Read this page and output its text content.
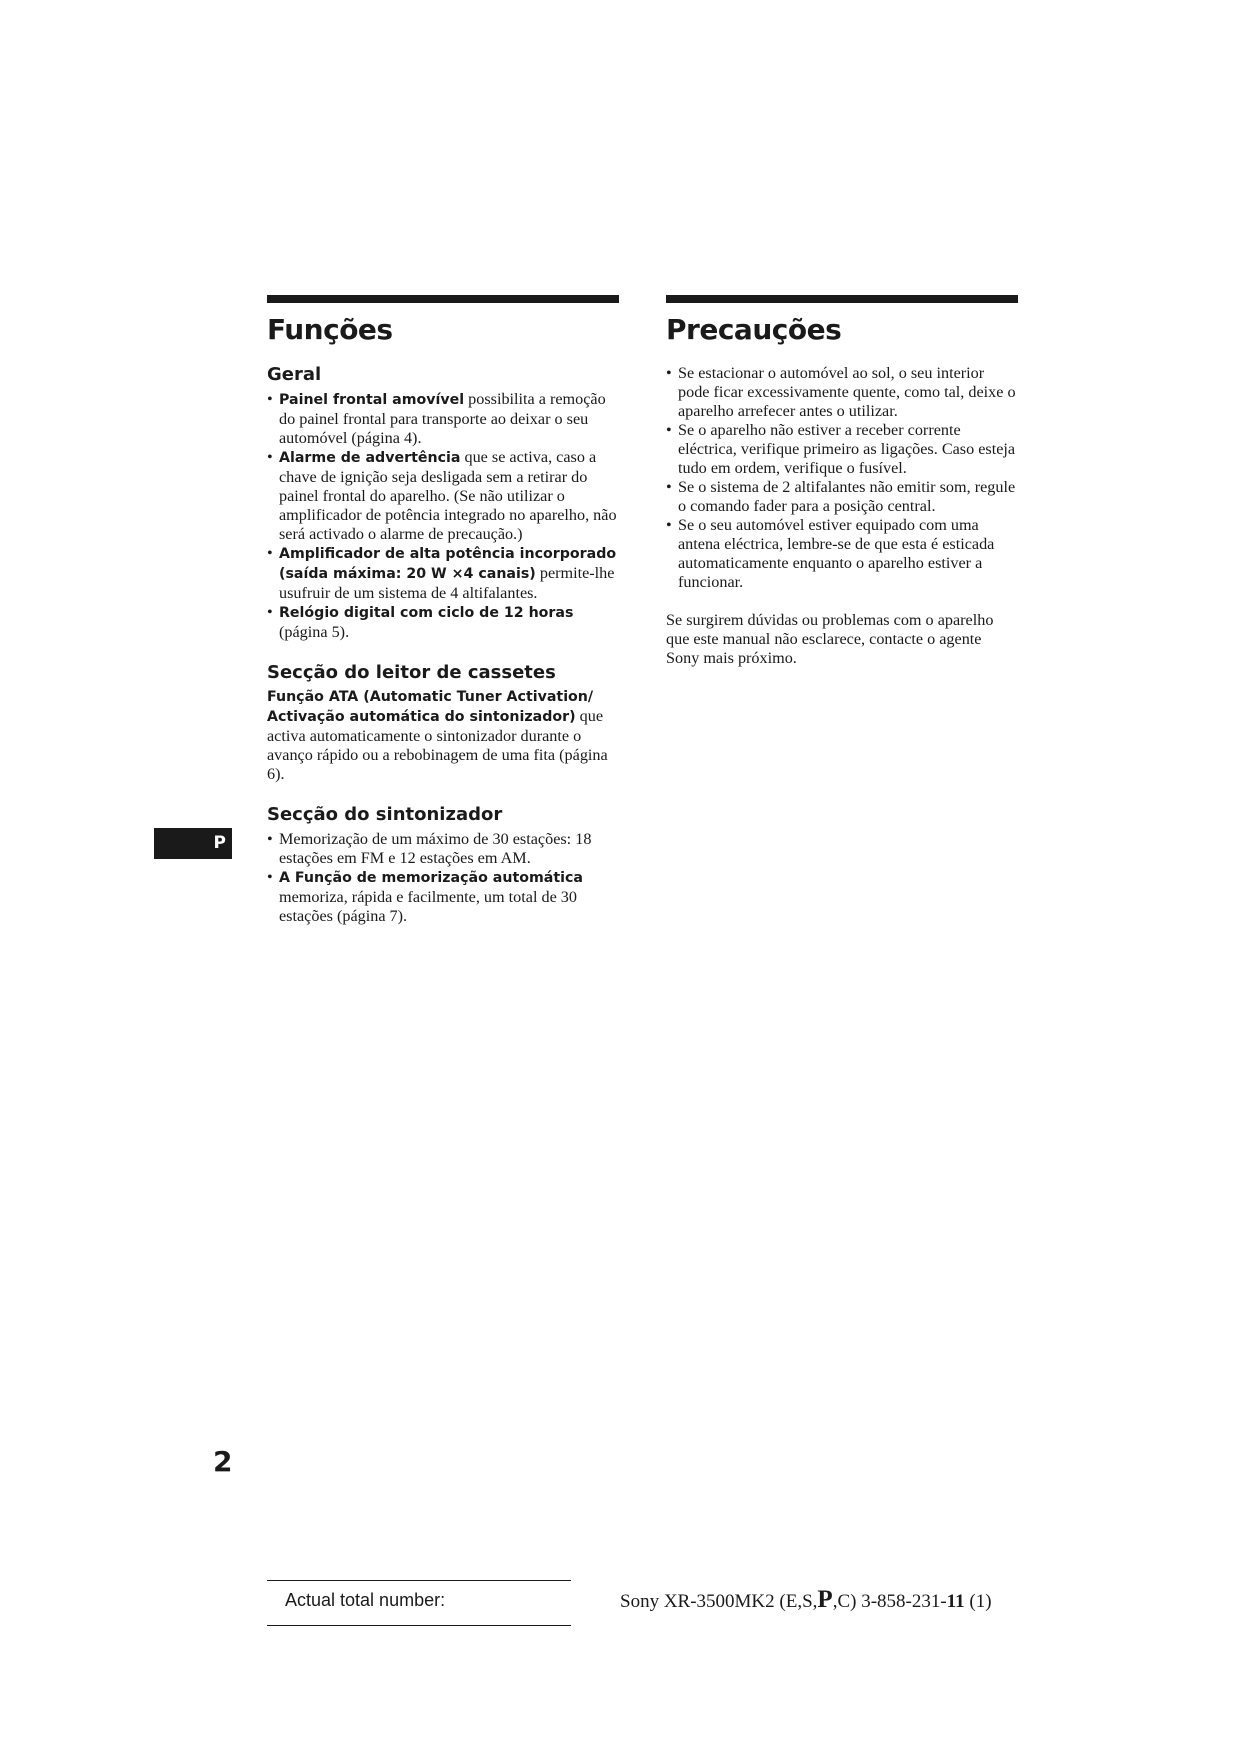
Funções
Geral
• Painel frontal amovível possibilita a remoção do painel frontal para transporte ao deixar o seu automóvel (página 4).
• Alarme de advertência que se activa, caso a chave de ignição seja desligada sem a retirar do painel frontal do aparelho. (Se não utilizar o amplificador de potência integrado no aparelho, não será activado o alarme de precaução.)
• Amplificador de alta potência incorporado (saída máxima: 20 W ×4 canais) permite-lhe usufruir de um sistema de 4 altifalantes.
• Relógio digital com ciclo de 12 horas (página 5).
Secção do leitor de cassetes

Função ATA (Automatic Tuner Activation/ Activação automática do sintonizador) que activa automaticamente o sintonizador durante o avanço rápido ou a rebobinagem de uma fita (página 6).

Secção do sintonizador
• Memorização de um máximo de 30 estações: 18 estações em FM e 12 estações em AM.
• A Função de memorização automática memoriza, rápida e facilmente, um total de 30 estações (página 7).
Precauções
• Se estacionar o automóvel ao sol, o seu interior pode ficar excessivamente quente, como tal, deixe o aparelho arrefecer antes o utilizar.
• Se o aparelho não estiver a receber corrente eléctrica, verifique primeiro as ligações. Caso esteja tudo em ordem, verifique o fusível.
• Se o sistema de 2 altifalantes não emitir som, regule o comando fader para a posição central.
• Se o seu automóvel estiver equipado com uma antena eléctrica, lembre-se de que esta é esticada automaticamente enquanto o aparelho estiver a funcionar.

Se surgirem dúvidas ou problemas com o aparelho que este manual não esclarece, contacte o agente Sony mais próximo.

P
2
Actual total number:	Sony XR-3500MK2 (E,S,P,C) 3-858-231-11 (1)
